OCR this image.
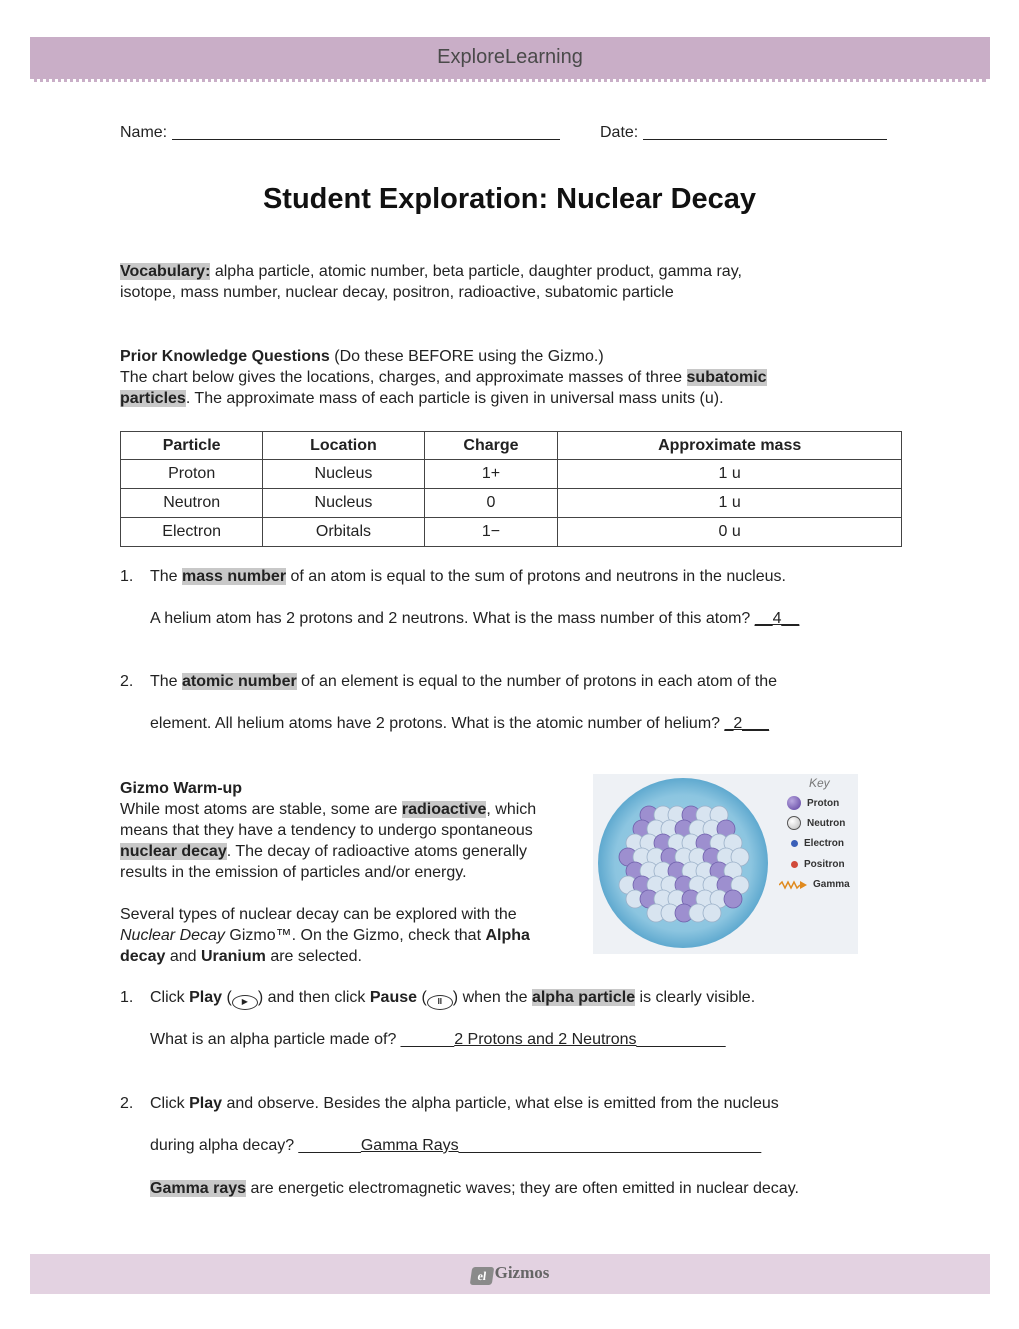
ExploreLearning
Name:	Date:
Student Exploration: Nuclear Decay
Vocabulary: alpha particle, atomic number, beta particle, daughter product, gamma ray,
isotope, mass number, nuclear decay, positron, radioactive, subatomic particle
Prior Knowledge Questions (Do these BEFORE using the Gizmo.)
The chart below gives the locations, charges, and approximate masses of three subatomic
particles. The approximate mass of each particle is given in universal mass units (u).
Particle	Location	Charge	Approximate mass
Proton	Nucleus	1+	1 u
Neutron	Nucleus	0	1 u
Electron	Orbitals	1−	0 u
1. The mass number of an atom is equal to the sum of protons and neutrons in the nucleus.
A helium atom has 2 protons and 2 neutrons. What is the mass number of this atom? __4__
2. The atomic number of an element is equal to the number of protons in each atom of the
element. All helium atoms have 2 protons. What is the atomic number of helium? _2___
Gizmo Warm-up
While most atoms are stable, some are radioactive, which
means that they have a tendency to undergo spontaneous
nuclear decay. The decay of radioactive atoms generally
results in the emission of particles and/or energy.
Several types of nuclear decay can be explored with the
Nuclear Decay Gizmo™. On the Gizmo, check that Alpha
decay and Uranium are selected.
Key
Proton
Neutron
Electron
Positron
Gamma
1. Click Play ( ▶ ) and then click Pause ( II ) when the alpha particle is clearly visible.
What is an alpha particle made of? ______2 Protons and 2 Neutrons__________
2. Click Play and observe. Besides the alpha particle, what else is emitted from the nucleus
during alpha decay? _______Gamma Rays__________________________________
Gamma rays are energetic electromagnetic waves; they are often emitted in nuclear decay.
el Gizmos
